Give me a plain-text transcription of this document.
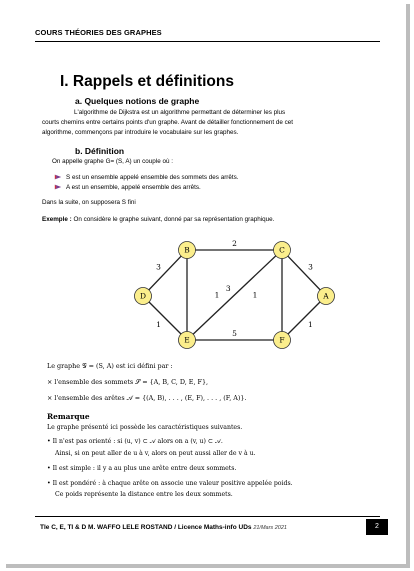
COURS THÉORIES DES GRAPHES
I. Rappels et définitions
a. Quelques notions de graphe
L'algorithme de Dijkstra est un algorithme permettant de déterminer les plus courts chemins entre certains points d'un graphe. Avant de détailler fonctionnement de cet algorithme, commençons par introduire le vocabulaire sur les graphes.
b. Définition
On appelle graphe G= (S, A) un couple où :
S est un ensemble appelé ensemble des sommets des arrêts.
A est un ensemble, appelé ensemble des arrêts.
Dans la suite, on supposera S fini
Exemple : On considère le graphe suivant, donné par sa représentation graphique.
2
3
1
1
3
1
5
3
1
A
B	C
D
E	F
Le graphe 𝒢 = (S, A) est ici défini par :
× l'ensemble des sommets 𝒮 = {A, B, C, D, E, F},
× l'ensemble des arêtes 𝒜 = {(A, B), . . . , (E, F), . . . , (F, A)}.
Remarque
Le graphe présenté ici possède les caractéristiques suivantes.
• Il n'est pas orienté : si (u, v) ⊂ 𝒜 alors on a (v, u) ⊂ 𝒜.
Ainsi, si on peut aller de u à v, alors on peut aussi aller de v à u.
• Il est simple : il y a au plus une arête entre deux sommets.
• Il est pondéré : à chaque arête on associe une valeur positive appelée poids.
Ce poids représente la distance entre les deux sommets.
Tle C, E, TI & D M. WAFFO LELE ROSTAND / Licence Maths-info UDs 21/Mars 2021	2
